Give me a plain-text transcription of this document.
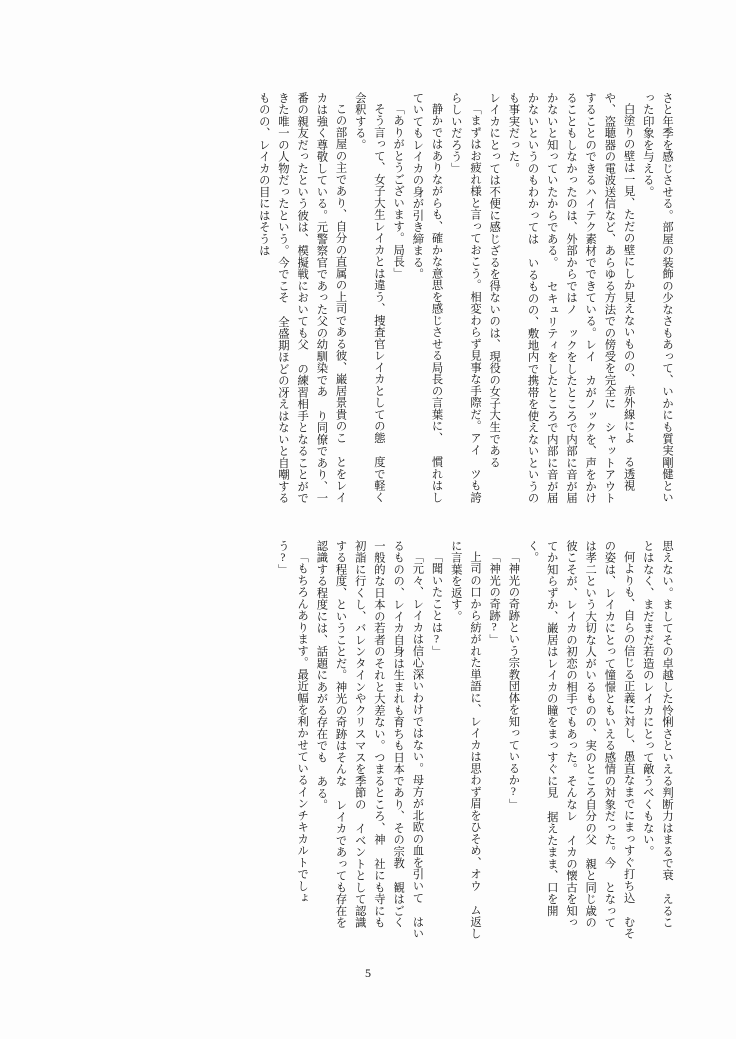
さと年季を感じさせる。部屋の装飾の少なさもあって、いかにも質実剛健といった印象を与える。

白塗りの壁は一見、ただの壁にしか見えないものの、赤外線によ る透視や、盗聴器の電波送信など、あらゆる方法での傍受を完全に シャットアウトすることのできるハイテク素材でできている。レイ カがノックを、声をかけることもしなかったのは、外部からではノ ックをしたところで内部に音が届かないと知っていたからである。 セキュリティをしたところで内部に音が届かないというのもわかっては いるものの、敷地内で携帯を使えないというのも事実だった。

レイカにとっては不便に感じざるを得ないのは、現役の女子大生である

「まずはお疲れ様と言っておこう。相変わらず見事な手際だ。アイ ツも誇らしいだろう」

静かではありながらも、確かな意思を感じさせる局長の言葉に、 慣れはしていてもレイカの身が引き締まる。

「ありがとうございます。局長」

そう言って、女子大生レイカとは違う、捜査官レイカとしての態 度で軽く会釈する。

この部屋の主であり、自分の直属の上司である彼、巌居景貴のこ とをレイカは強く尊敬している。元警察官であった父の幼馴染であ り同僚であり、一番の親友だったという彼は、模擬戦においても父 の練習相手となることができた唯一の人物だったという。今でこそ 全盛期ほどの冴えはないと自嘲するものの、レイカの目にはそうは

思えない。ましてその卓越した怜悧さといえる判断力はまるで衰 えることはなく、まだまだ若造のレイカにとって敵うべくもない。

何よりも、自らの信じる正義に対し、愚直なまでにまっすぐ打ち込 むその姿は、レイカにとって憧憬ともいえる感情の対象だった。今 となっては孝二という大切な人がいるものの、実のところ自分の父 親と同じ歳の彼こそが、レイカの初恋の相手でもあった。そんなレ イカの懐古を知ってか知らずか、巌居はレイカの瞳をまっすぐに見 据えたまま、口を開く。

「神光の奇跡という宗教団体を知っているか?」

「神光の奇跡?」

上司の口から紡がれた単語に、レイカは思わず眉をひそめ、オウ ム返しに言葉を返す。

「聞いたことは?」

「元々、レイカは信心深いわけではない。母方が北欧の血を引いて はいるものの、レイカ自身は生まれも育ちも日本であり、その宗教 観はごく一般的な日本の若者のそれと大差ない。つまるところ、神 社にも寺にも初詣に行くし、バレンタインやクリスマスを季節の イベントとして認識する程度、ということだ。神光の奇跡はそんな レイカであっても存在を認識する程度には、話題にあがる存在でも ある。

「もちろんあります。最近幅を利かせているインチキカルトでしょ う?」

5
